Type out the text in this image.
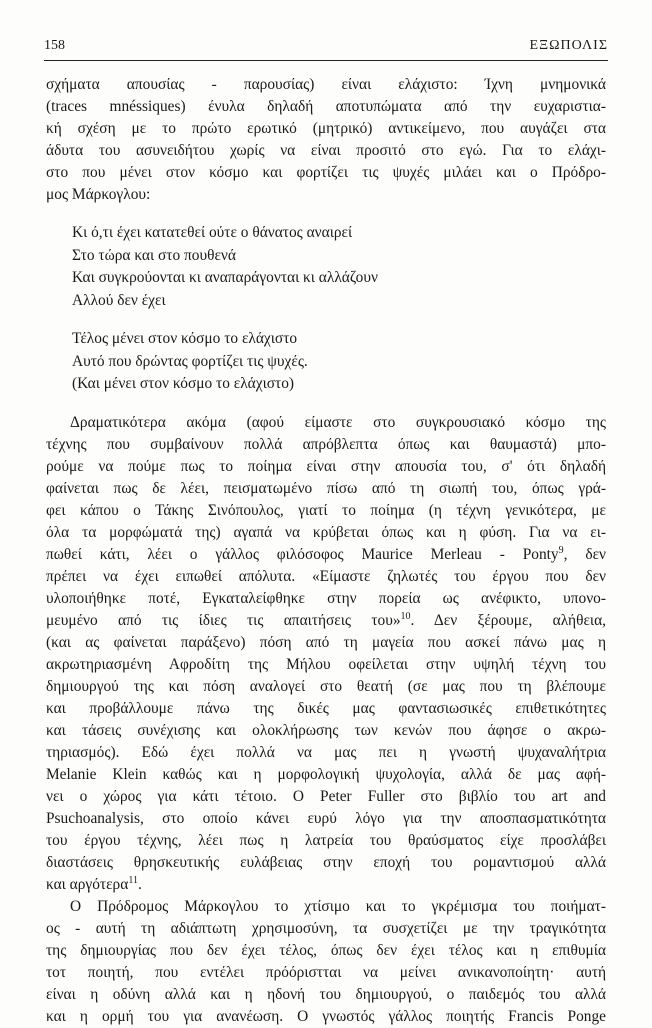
158	ΕΞΩΠΟΛΙΣ
σχήματα απουσίας - παρουσίας) είναι ελάχιστο: Ίχνη μνημονικά
(traces mnéssiques) ένυλα δηλαδή αποτυπώματα από την ευχαριστια-
κή σχέση με το πρώτο ερωτικό (μητρικό) αντικείμενο, που αυγάζει στα
άδυτα του ασυνειδήτου χωρίς να είναι προσιτό στο εγώ. Για το ελάχι-
στο που μένει στον κόσμο και φορτίζει τις ψυχές μιλάει και ο Πρόδρο-
μος Μάρκογλου:
Κι ό,τι έχει κατατεθεί ούτε ο θάνατος αναιρεί
Στο τώρα και στο πουθενά
Και συγκρούονται κι αναπαράγονται κι αλλάζουν
Αλλού δεν έχει
Τέλος μένει στον κόσμο το ελάχιστο
Αυτό που δρώντας φορτίζει τις ψυχές.
(Και μένει στον κόσμο το ελάχιστο)
Δραματικότερα ακόμα (αφού είμαστε στο συγκρουσιακό κόσμο της
τέχνης που συμβαίνουν πολλά απρόβλεπτα όπως και θαυμαστά) μπο-
ρούμε να πούμε πως το ποίημα είναι στην απουσία του, σ' ότι δηλαδή
φαίνεται πως δε λέει, πεισματωμένο πίσω από τη σιωπή του, όπως γρά-
φει κάπου ο Τάκης Σινόπουλος, γιατί το ποίημα (η τέχνη γενικότερα, με
όλα τα μορφώματά της) αγαπά να κρύβεται όπως και η φύση. Για να ει-
πωθεί κάτι, λέει ο γάλλος φιλόσοφος Maurice Merleau - Ponty$^9$, δεν
πρέπει να έχει ειπωθεί απόλυτα. «Είμαστε ζηλωτές του έργου που δεν
υλοποιήθηκε ποτέ, Εγκαταλείφθηκε στην πορεία ως ανέφικτο, υπονο-
μευμένο από τις ίδιες τις απαιτήσεις του»$^{10}$. Δεν ξέρουμε, αλήθεια,
(και ας φαίνεται παράξενο) πόση από τη μαγεία που ασκεί πάνω μας η
ακρωτηριασμένη Αφροδίτη της Μήλου οφείλεται στην υψηλή τέχνη του
δημιουργού της και πόση αναλογεί στο θεατή (σε μας που τη βλέπουμε
και προβάλλουμε πάνω της δικές μας φαντασιωσικές επιθετικότητες
και τάσεις συνέχισης και ολοκλήρωσης των κενών που άφησε ο ακρω-
τηριασμός). Εδώ έχει πολλά να μας πει η γνωστή ψυχαναλήτρια
Melanie Klein καθώς και η μορφολογική ψυχολογία, αλλά δε μας αφή-
νει ο χώρος για κάτι τέτοιο. Ο Peter Fuller στο βιβλίο του art and
Psuchoanalysis, στο οποίο κάνει ευρύ λόγο για την αποσπασματικότητα
του έργου τέχνης, λέει πως η λατρεία του θραύσματος είχε προσλάβει
διαστάσεις θρησκευτικής ευλάβειας στην εποχή του ρομαντισμού αλλά
και αργότερα$^{11}$.
Ο Πρόδρομος Μάρκογλου το χτίσιμο και το γκρέμισμα του ποιήματ-
ος - αυτή τη αδιάπτωτη χρησιμοσύνη, τα συσχετίζει με την τραγικότητα
της δημιουργίας που δεν έχει τέλος, όπως δεν έχει τέλος και η επιθυμία
τοτ ποιητή, που εντέλει πρόόριστται να μείνει ανικανοποίητη· αυτή
είναι η οδύνη αλλά και η ηδονή του δημιουργού, ο παιδεμός του αλλά
και η ορμή του για ανανέωση. Ο γνωστός γάλλος ποιητής Francis Ponge
